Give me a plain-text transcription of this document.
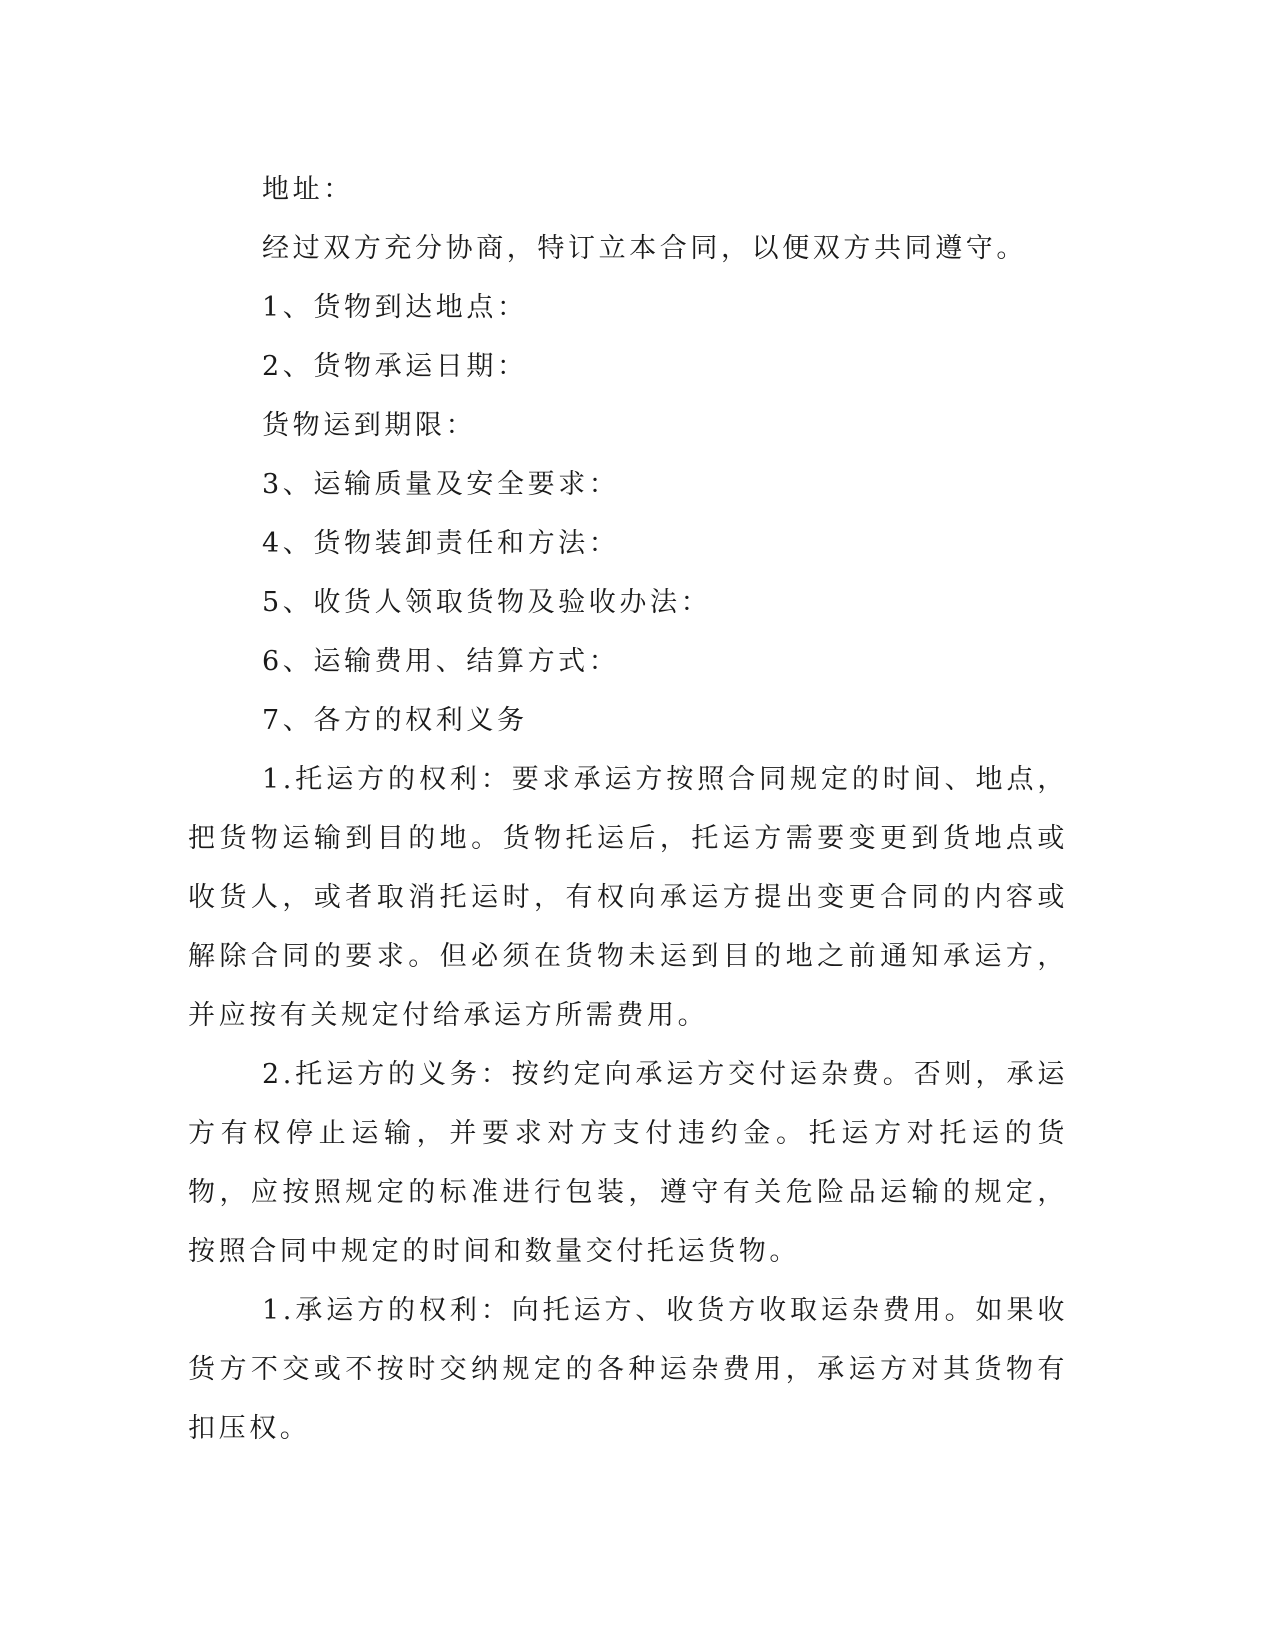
地址：

经过双方充分协商，特订立本合同，以便双方共同遵守。

1、货物到达地点：

2、货物承运日期：

货物运到期限：

3、运输质量及安全要求：

4、货物装卸责任和方法：

5、收货人领取货物及验收办法：

6、运输费用、结算方式：

7、各方的权利义务

1.托运方的权利：要求承运方按照合同规定的时间、地点，把货物运输到目的地。货物托运后，托运方需要变更到货地点或收货人，或者取消托运时，有权向承运方提出变更合同的内容或解除合同的要求。但必须在货物未运到目的地之前通知承运方，并应按有关规定付给承运方所需费用。

2.托运方的义务：按约定向承运方交付运杂费。否则，承运方有权停止运输，并要求对方支付违约金。托运方对托运的货物，应按照规定的标准进行包装，遵守有关危险品运输的规定，按照合同中规定的时间和数量交付托运货物。

1.承运方的权利：向托运方、收货方收取运杂费用。如果收货方不交或不按时交纳规定的各种运杂费用，承运方对其货物有扣压权。
